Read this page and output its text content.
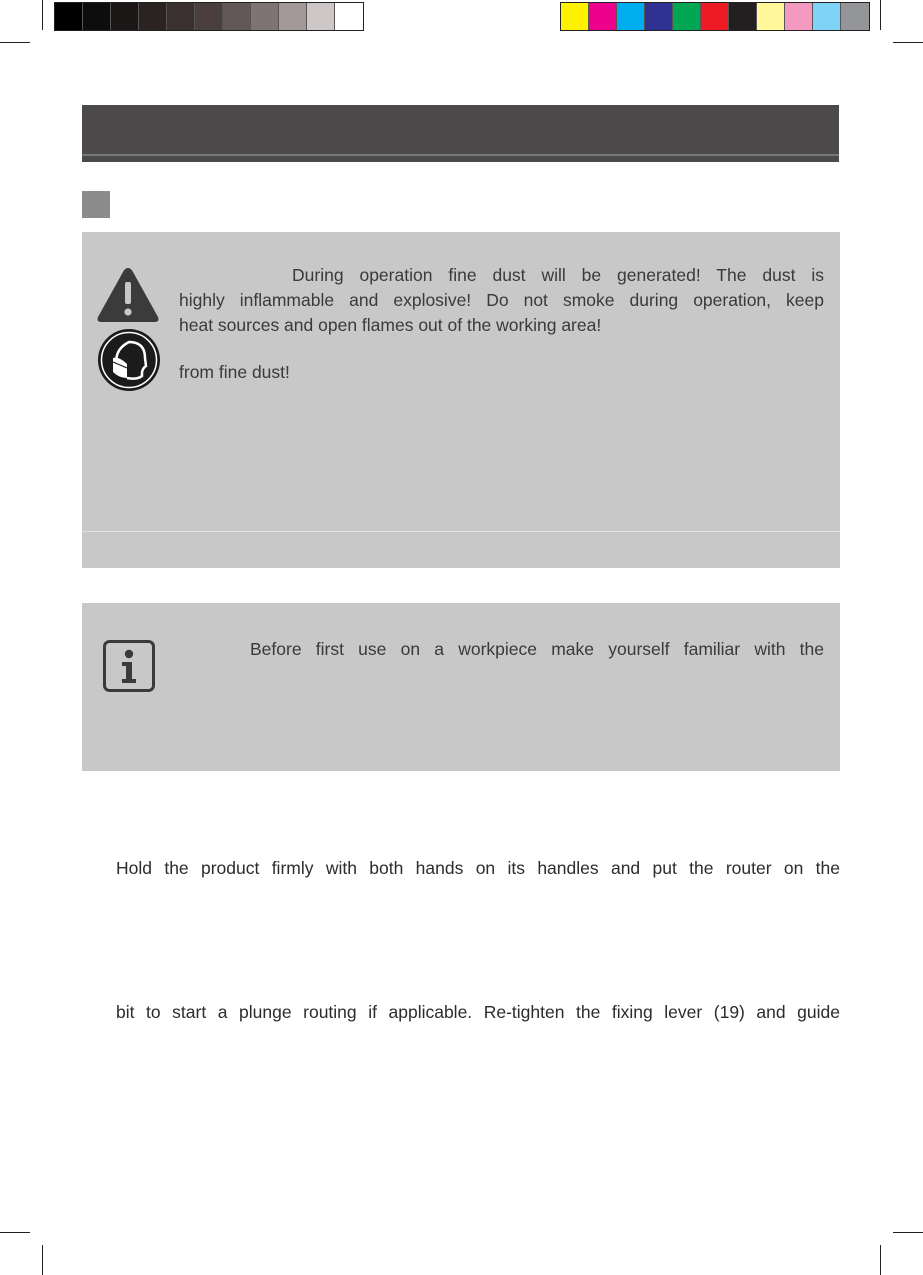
During operation fine dust will be generated! The dust is
highly inflammable and explosive! Do not smoke during operation, keep
heat sources and open flames out of the working area!
from fine dust!
Before first use on a workpiece make yourself familiar with the
Hold the product firmly with both hands on its handles and put the router on the
bit to start a plunge routing if applicable. Re-tighten the fixing lever (19) and guide
